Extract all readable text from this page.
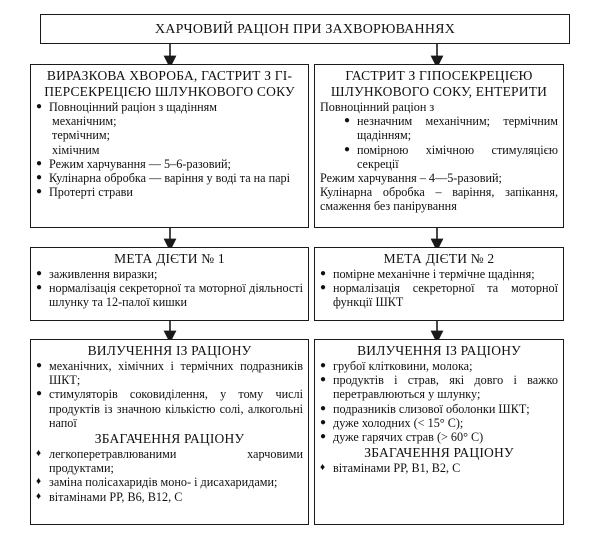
ХАРЧОВИЙ РАЦІОН ПРИ ЗАХВОРЮВАННЯХ
ВИРАЗКОВА ХВОРОБА, ГАСТРИТ З ГІ-ПЕРСЕКРЕЦІЄЮ ШЛУНКОВОГО СОКУ
● Повноцінний раціон з щадінням
механічним;
термічним;
хімічним
● Режим харчування — 5–6-разовий;
● Кулінарна обробка — варіння у воді та на парі
● Протерті страви
МЕТА ДІЄТИ № 1
● заживлення виразки;
● нормалізація секреторної та моторної діяльності шлунку та 12-палої кишки
ВИЛУЧЕННЯ ІЗ РАЦІОНУ
● механічних, хімічних і термічних подразників ШКТ;
● стимуляторів соковиділення, у тому числі продуктів із значною кількістю солі, алкогольні напої
ЗБАГАЧЕННЯ РАЦІОНУ
♦ легкоперетравлюваними харчовими продуктами;
♦ заміна полісахаридів моно- і дисахаридами;
♦ вітамінами РР, В6, В12, С
ГАСТРИТ З ГІПОСЕКРЕЦІЄЮ ШЛУНКОВОГО СОКУ, ЕНТЕРИТИ
Повноцінний раціон з
● незначним механічним; термічним щадінням;
● помірною хімічною стимуляцією секреції
Режим харчування – 4—5-разовий;
Кулінарна обробка – варіння, запікання, смаження без панірування
МЕТА ДІЄТИ № 2
● помірне механічне і термічне щадіння;
● нормалізація секреторної та моторної функції ШКТ
ВИЛУЧЕННЯ ІЗ РАЦІОНУ
● грубої клітковини, молока;
● продуктів і страв, які довго і важко перетравлюються у шлунку;
● подразників слизової оболонки ШКТ;
● дуже холодних (< 15° С);
● дуже гарячих страв (> 60° С)
ЗБАГАЧЕННЯ РАЦІОНУ
♦ вітамінами РР, В1, В2, С
